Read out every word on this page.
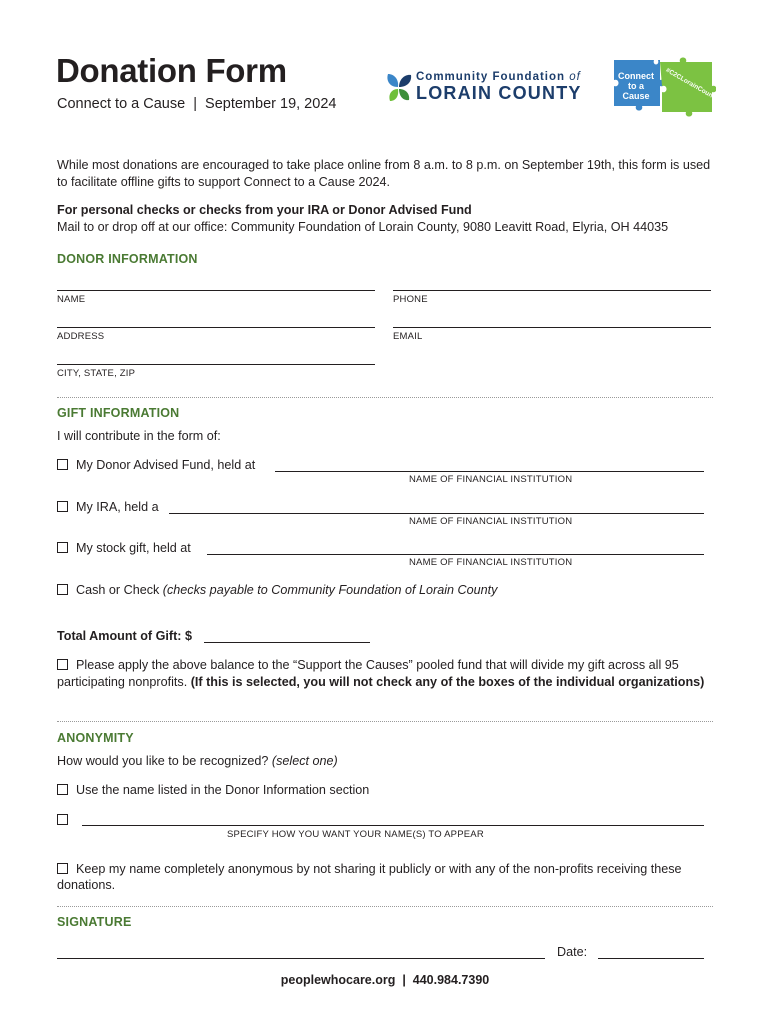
Donation Form
Connect to a Cause  |  September 19, 2024
Community Foundation of
LORAIN COUNTY
Connect
to a
Cause	#C2CLorainCounty
While most donations are encouraged to take place online from 8 a.m. to 8 p.m. on September 19th, this form is used to facilitate offline gifts to support Connect to a Cause 2024.
For personal checks or checks from your IRA or Donor Advised Fund
Mail to or drop off at our office: Community Foundation of Lorain County, 9080 Leavitt Road, Elyria, OH 44035
DONOR INFORMATION
NAME	PHONE
ADDRESS	EMAIL
CITY, STATE, ZIP
GIFT INFORMATION
I will contribute in the form of:
My Donor Advised Fund, held at
NAME OF FINANCIAL INSTITUTION
My IRA, held a
NAME OF FINANCIAL INSTITUTION
My stock gift, held at
NAME OF FINANCIAL INSTITUTION
Cash or Check (checks payable to Community Foundation of Lorain County
Total Amount of Gift: $
Please apply the above balance to the “Support the Causes” pooled fund that will divide my gift across all 95 participating nonprofits. (If this is selected, you will not check any of the boxes of the individual organizations)
ANONYMITY
How would you like to be recognized? (select one)
Use the name listed in the Donor Information section
SPECIFY HOW YOU WANT YOUR NAME(S) TO APPEAR
Keep my name completely anonymous by not sharing it publicly or with any of the non-profits receiving these donations.
SIGNATURE
Date:
peoplewhocare.org  |  440.984.7390
